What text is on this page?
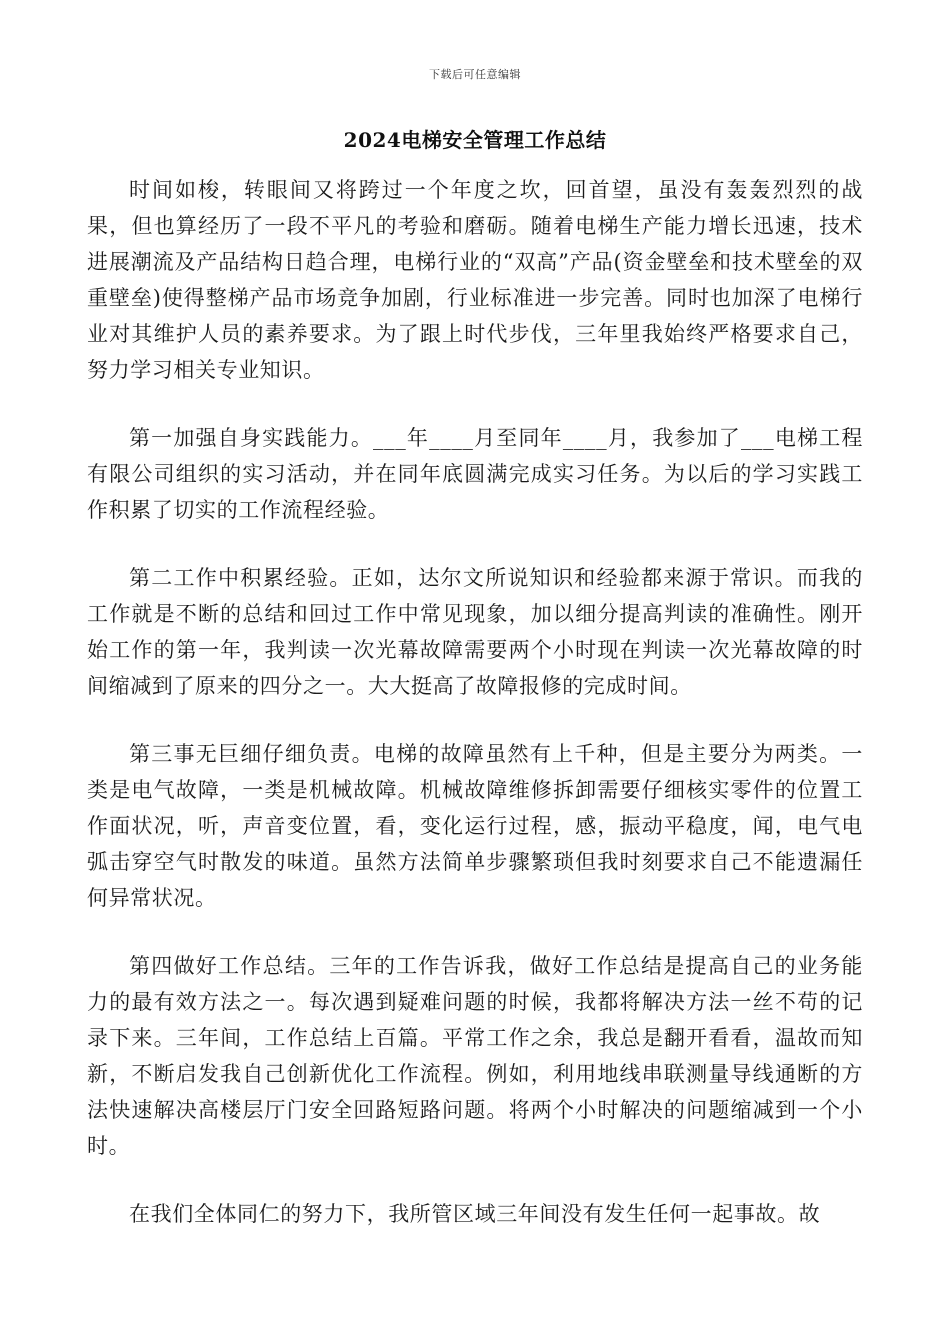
下载后可任意编辑
2024电梯安全管理工作总结

时间如梭，转眼间又将跨过一个年度之坎，回首望，虽没有轰轰烈烈的战果，但也算经历了一段不平凡的考验和磨砺。随着电梯生产能力增长迅速，技术进展潮流及产品结构日趋合理，电梯行业的“双高”产品(资金壁垒和技术壁垒的双重壁垒)使得整梯产品市场竞争加剧，行业标准进一步完善。同时也加深了电梯行业对其维护人员的素养要求。为了跟上时代步伐，三年里我始终严格要求自己，努力学习相关专业知识。

第一加强自身实践能力。___年____月至同年____月，我参加了___电梯工程有限公司组织的实习活动，并在同年底圆满完成实习任务。为以后的学习实践工作积累了切实的工作流程经验。

第二工作中积累经验。正如，达尔文所说知识和经验都来源于常识。而我的工作就是不断的总结和回过工作中常见现象，加以细分提高判读的准确性。刚开始工作的第一年，我判读一次光幕故障需要两个小时现在判读一次光幕故障的时间缩减到了原来的四分之一。大大挺高了故障报修的完成时间。

第三事无巨细仔细负责。电梯的故障虽然有上千种，但是主要分为两类。一类是电气故障，一类是机械故障。机械故障维修拆卸需要仔细核实零件的位置工作面状况，听，声音变位置，看，变化运行过程，感，振动平稳度，闻，电气电弧击穿空气时散发的味道。虽然方法简单步骤繁琐但我时刻要求自己不能遗漏任何异常状况。

第四做好工作总结。三年的工作告诉我，做好工作总结是提高自己的业务能力的最有效方法之一。每次遇到疑难问题的时候，我都将解决方法一丝不苟的记录下来。三年间，工作总结上百篇。平常工作之余，我总是翻开看看，温故而知新，不断启发我自己创新优化工作流程。例如，利用地线串联测量导线通断的方法快速解决高楼层厅门安全回路短路问题。将两个小时解决的问题缩减到一个小时。

在我们全体同仁的努力下，我所管区域三年间没有发生任何一起事故。故
